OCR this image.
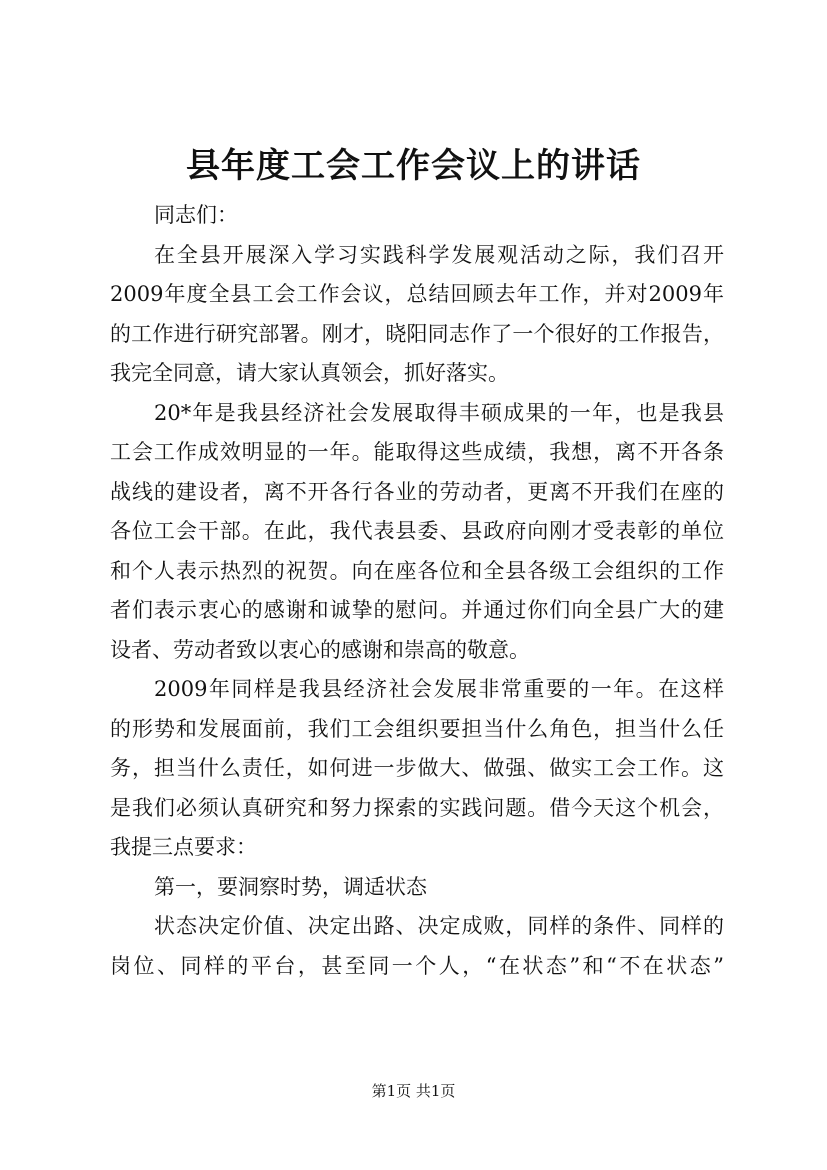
县年度工会工作会议上的讲话
同志们：
在全县开展深入学习实践科学发展观活动之际，我们召开
2009年度全县工会工作会议，总结回顾去年工作，并对2009年
的工作进行研究部署。刚才，晓阳同志作了一个很好的工作报告，
我完全同意，请大家认真领会，抓好落实。
20*年是我县经济社会发展取得丰硕成果的一年，也是我县
工会工作成效明显的一年。能取得这些成绩，我想，离不开各条
战线的建设者，离不开各行各业的劳动者，更离不开我们在座的
各位工会干部。在此，我代表县委、县政府向刚才受表彰的单位
和个人表示热烈的祝贺。向在座各位和全县各级工会组织的工作
者们表示衷心的感谢和诚挚的慰问。并通过你们向全县广大的建
设者、劳动者致以衷心的感谢和崇高的敬意。
2009年同样是我县经济社会发展非常重要的一年。在这样
的形势和发展面前，我们工会组织要担当什么角色，担当什么任
务，担当什么责任，如何进一步做大、做强、做实工会工作。这
是我们必须认真研究和努力探索的实践问题。借今天这个机会，
我提三点要求：
第一，要洞察时势，调适状态
状态决定价值、决定出路、决定成败，同样的条件、同样的
岗位、同样的平台，甚至同一个人，“在状态”和“不在状态”
第1页 共1页
